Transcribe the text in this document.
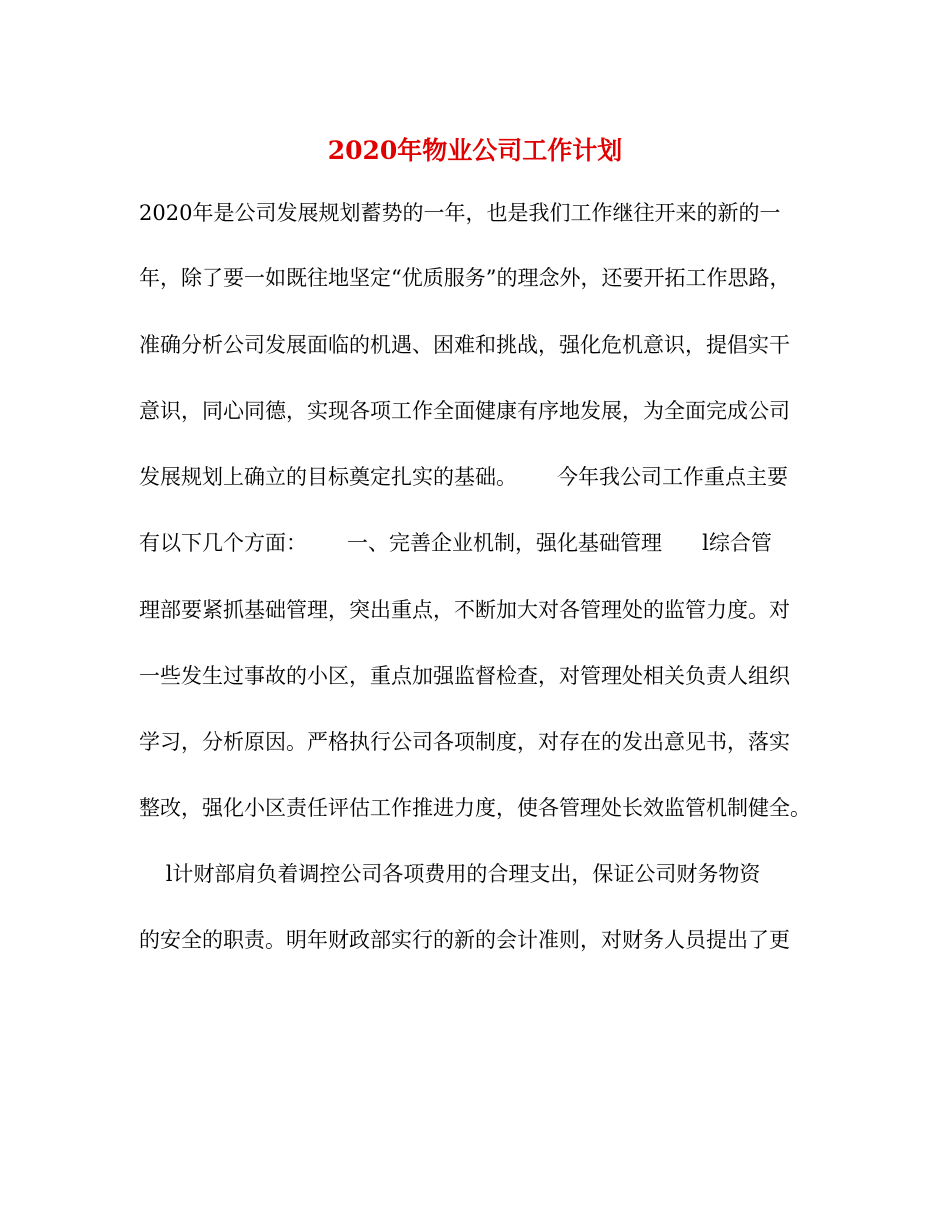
2020年物业公司工作计划
2020年是公司发展规划蓄势的一年，也是我们工作继往开来的新的一
年，除了要一如既往地坚定“优质服务”的理念外，还要开拓工作思路，
准确分析公司发展面临的机遇、困难和挑战，强化危机意识，提倡实干
意识，同心同德，实现各项工作全面健康有序地发展，为全面完成公司
发展规划上确立的目标奠定扎实的基础。      今年我公司工作重点主要
有以下几个方面：      一、完善企业机制，强化基础管理      l综合管
理部要紧抓基础管理，突出重点，不断加大对各管理处的监管力度。对
一些发生过事故的小区，重点加强监督检查，对管理处相关负责人组织
学习，分析原因。严格执行公司各项制度，对存在的发出意见书，落实
整改，强化小区责任评估工作推进力度，使各管理处长效监管机制健全。
l计财部肩负着调控公司各项费用的合理支出，保证公司财务物资
的安全的职责。明年财政部实行的新的会计准则，对财务人员提出了更
